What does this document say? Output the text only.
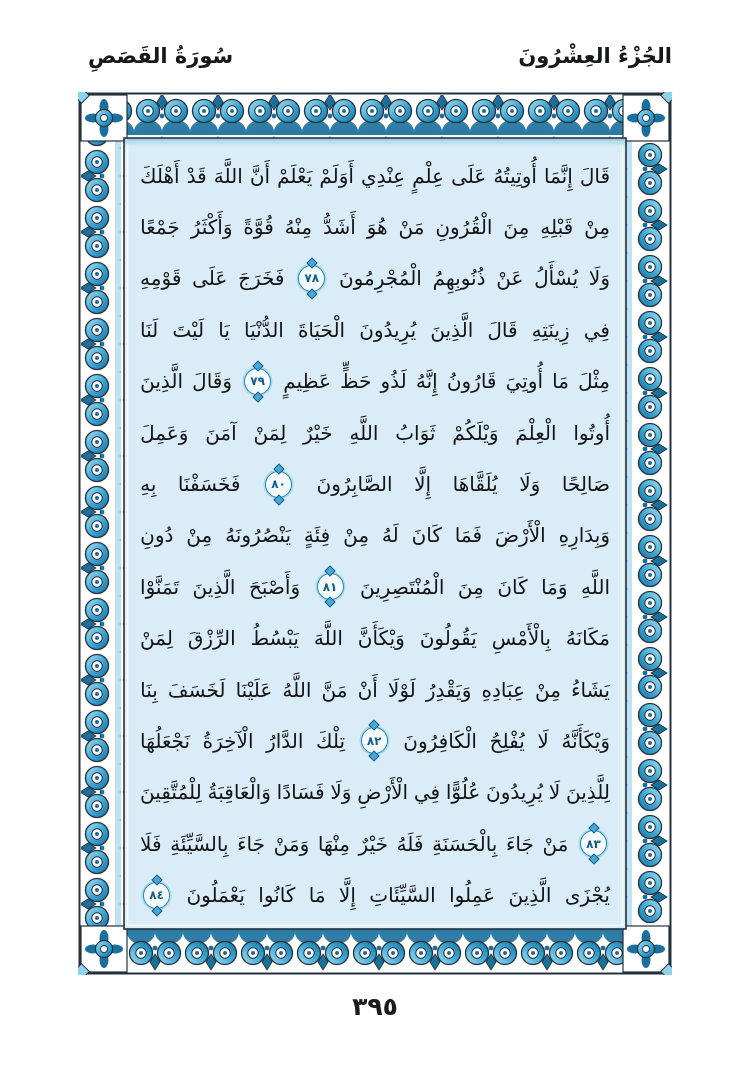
الجُزْءُ العِشْرُونَ
سُورَةُ القَصَصِ
قَالَ
إِنَّمَا
أُوتِيتُهُ
عَلَى
عِلْمٍ
عِنْدِي
أَوَلَمْ
يَعْلَمْ
أَنَّ
اللَّهَ
قَدْ
أَهْلَكَ
مِنْ
قَبْلِهِ
مِنَ
الْقُرُونِ
مَنْ
هُوَ
أَشَدُّ
مِنْهُ
قُوَّةً
وَأَكْثَرُ
جَمْعًا
وَلَا
يُسْأَلُ
عَنْ
ذُنُوبِهِمُ
الْمُجْرِمُونَ
٧٨
فَخَرَجَ
عَلَى
قَوْمِهِ
فِي
زِينَتِهِ
قَالَ
الَّذِينَ
يُرِيدُونَ
الْحَيَاةَ
الدُّنْيَا
يَا
لَيْتَ
لَنَا
مِثْلَ
مَا
أُوتِيَ
قَارُونُ
إِنَّهُ
لَذُو
حَظٍّ
عَظِيمٍ
٧٩
وَقَالَ
الَّذِينَ
أُوتُوا
الْعِلْمَ
وَيْلَكُمْ
ثَوَابُ
اللَّهِ
خَيْرٌ
لِمَنْ
آمَنَ
وَعَمِلَ
صَالِحًا
وَلَا
يُلَقَّاهَا
إِلَّا
الصَّابِرُونَ
٨٠
فَخَسَفْنَا
بِهِ
وَبِدَارِهِ
الْأَرْضَ
فَمَا
كَانَ
لَهُ
مِنْ
فِئَةٍ
يَنْصُرُونَهُ
مِنْ
دُونِ
اللَّهِ
وَمَا
كَانَ
مِنَ
الْمُنْتَصِرِينَ
٨١
وَأَصْبَحَ
الَّذِينَ
تَمَنَّوْا
مَكَانَهُ
بِالْأَمْسِ
يَقُولُونَ
وَيْكَأَنَّ
اللَّهَ
يَبْسُطُ
الرِّزْقَ
لِمَنْ
يَشَاءُ
مِنْ
عِبَادِهِ
وَيَقْدِرُ
لَوْلَا
أَنْ
مَنَّ
اللَّهُ
عَلَيْنَا
لَخَسَفَ
بِنَا
وَيْكَأَنَّهُ
لَا
يُفْلِحُ
الْكَافِرُونَ
٨٢
تِلْكَ
الدَّارُ
الْآخِرَةُ
نَجْعَلُهَا
لِلَّذِينَ
لَا
يُرِيدُونَ
عُلُوًّا
فِي
الْأَرْضِ
وَلَا
فَسَادًا
وَالْعَاقِبَةُ
لِلْمُتَّقِينَ
٨٣
مَنْ
جَاءَ
بِالْحَسَنَةِ
فَلَهُ
خَيْرٌ
مِنْهَا
وَمَنْ
جَاءَ
بِالسَّيِّئَةِ
فَلَا
يُجْزَى
الَّذِينَ
عَمِلُوا
السَّيِّئَاتِ
إِلَّا
مَا
كَانُوا
يَعْمَلُونَ
٨٤
٣٩٥
